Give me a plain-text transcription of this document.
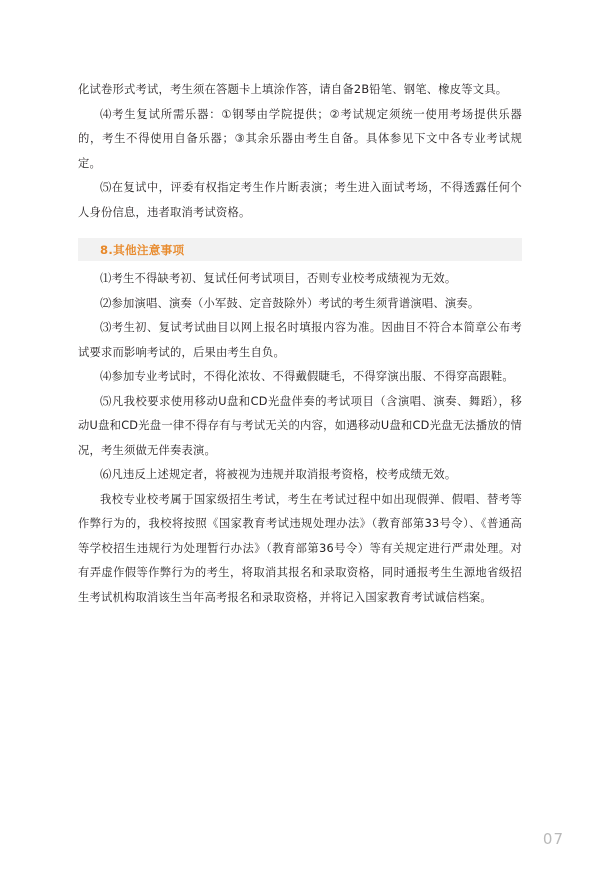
化试卷形式考试，考生须在答题卡上填涂作答，请自备2B铅笔、钢笔、橡皮等文具。

⑷考生复试所需乐器：①钢琴由学院提供；②考试规定须统一使用考场提供乐器的，考生不得使用自备乐器；③其余乐器由考生自备。具体参见下文中各专业考试规定。

⑸在复试中，评委有权指定考生作片断表演；考生进入面试考场，不得透露任何个人身份信息，违者取消考试资格。

8.其他注意事项

⑴考生不得缺考初、复试任何考试项目，否则专业校考成绩视为无效。

⑵参加演唱、演奏（小军鼓、定音鼓除外）考试的考生须背谱演唱、演奏。

⑶考生初、复试考试曲目以网上报名时填报内容为准。因曲目不符合本简章公布考试要求而影响考试的，后果由考生自负。

⑷参加专业考试时，不得化浓妆、不得戴假睫毛，不得穿演出服、不得穿高跟鞋。

⑸凡我校要求使用移动U盘和CD光盘伴奏的考试项目（含演唱、演奏、舞蹈），移动U盘和CD光盘一律不得存有与考试无关的内容，如遇移动U盘和CD光盘无法播放的情况，考生须做无伴奏表演。

⑹凡违反上述规定者，将被视为违规并取消报考资格，校考成绩无效。

我校专业校考属于国家级招生考试，考生在考试过程中如出现假弹、假唱、替考等作弊行为的，我校将按照《国家教育考试违规处理办法》（教育部第33号令）、《普通高等学校招生违规行为处理暂行办法》（教育部第36号令）等有关规定进行严肃处理。对有弄虚作假等作弊行为的考生，将取消其报名和录取资格，同时通报考生生源地省级招生考试机构取消该生当年高考报名和录取资格，并将记入国家教育考试诚信档案。

07
